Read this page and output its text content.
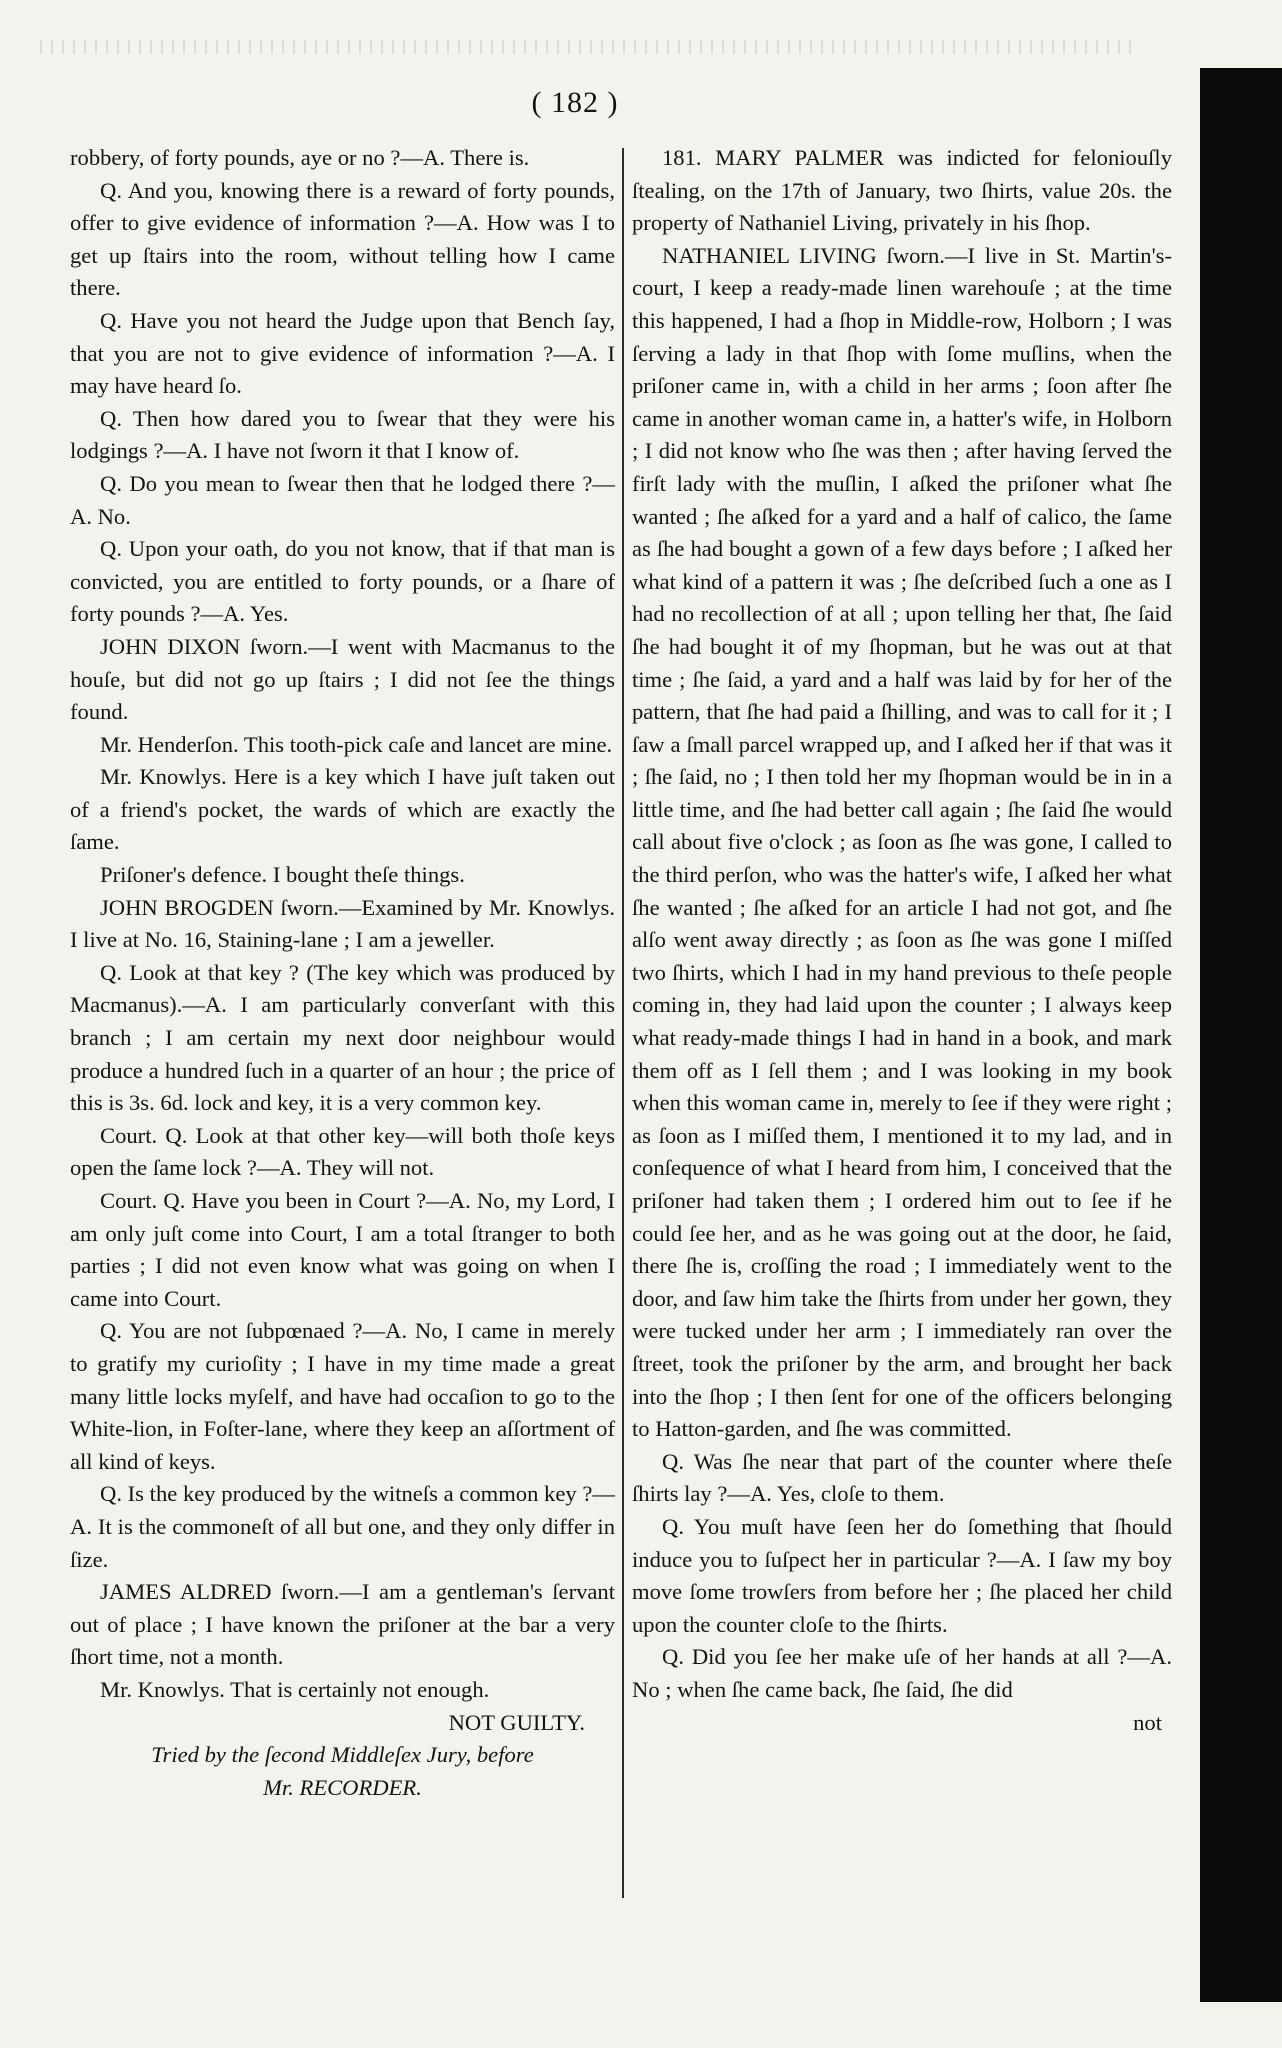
( 182 )

robbery, of forty pounds, aye or no ?—A. There is.

Q. And you, knowing there is a reward of forty pounds, offer to give evidence of information ?—A. How was I to get up ſtairs into the room, without telling how I came there.

Q. Have you not heard the Judge upon that Bench ſay, that you are not to give evidence of information ?—A. I may have heard ſo.

Q. Then how dared you to ſwear that they were his lodgings ?—A. I have not ſworn it that I know of.

Q. Do you mean to ſwear then that he lodged there ?—A. No.

Q. Upon your oath, do you not know, that if that man is convicted, you are entitled to forty pounds, or a ſhare of forty pounds ?—A. Yes.

JOHN DIXON ſworn.—I went with Macmanus to the houſe, but did not go up ſtairs ; I did not ſee the things found.

Mr. Henderſon. This tooth-pick caſe and lancet are mine.

Mr. Knowlys. Here is a key which I have juſt taken out of a friend's pocket, the wards of which are exactly the ſame.

Priſoner's defence. I bought theſe things.

JOHN BROGDEN ſworn.—Examined by Mr. Knowlys. I live at No. 16, Staining-lane ; I am a jeweller.

Q. Look at that key ? (The key which was produced by Macmanus).—A. I am particularly converſant with this branch ; I am certain my next door neighbour would produce a hundred ſuch in a quarter of an hour ; the price of this is 3s. 6d. lock and key, it is a very common key.

Court. Q. Look at that other key—will both thoſe keys open the ſame lock ?—A. They will not.

Court. Q. Have you been in Court ?—A. No, my Lord, I am only juſt come into Court, I am a total ſtranger to both parties ; I did not even know what was going on when I came into Court.

Q. You are not ſubpœnaed ?—A. No, I came in merely to gratify my curioſity ; I have in my time made a great many little locks myſelf, and have had occaſion to go to the White-lion, in Foſter-lane, where they keep an aſſortment of all kind of keys.

Q. Is the key produced by the witneſs a common key ?—A. It is the commoneſt of all but one, and they only differ in ſize.

JAMES ALDRED ſworn.—I am a gentleman's ſervant out of place ; I have known the priſoner at the bar a very ſhort time, not a month.

Mr. Knowlys. That is certainly not enough.

NOT GUILTY.

Tried by the ſecond Middleſex Jury, before

Mr. RECORDER.

181. MARY PALMER was indicted for feloniouſly ſtealing, on the 17th of January, two ſhirts, value 20s. the property of Nathaniel Living, privately in his ſhop.

NATHANIEL LIVING ſworn.—I live in St. Martin's-court, I keep a ready-made linen warehouſe ; at the time this happened, I had a ſhop in Middle-row, Holborn ; I was ſerving a lady in that ſhop with ſome muſlins, when the priſoner came in, with a child in her arms ; ſoon after ſhe came in another woman came in, a hatter's wife, in Holborn ; I did not know who ſhe was then ; after having ſerved the firſt lady with the muſlin, I aſked the priſoner what ſhe wanted ; ſhe aſked for a yard and a half of calico, the ſame as ſhe had bought a gown of a few days before ; I aſked her what kind of a pattern it was ; ſhe deſcribed ſuch a one as I had no recollection of at all ; upon telling her that, ſhe ſaid ſhe had bought it of my ſhopman, but he was out at that time ; ſhe ſaid, a yard and a half was laid by for her of the pattern, that ſhe had paid a ſhilling, and was to call for it ; I ſaw a ſmall parcel wrapped up, and I aſked her if that was it ; ſhe ſaid, no ; I then told her my ſhopman would be in in a little time, and ſhe had better call again ; ſhe ſaid ſhe would call about five o'clock ; as ſoon as ſhe was gone, I called to the third perſon, who was the hatter's wife, I aſked her what ſhe wanted ; ſhe aſked for an article I had not got, and ſhe alſo went away directly ; as ſoon as ſhe was gone I miſſed two ſhirts, which I had in my hand previous to theſe people coming in, they had laid upon the counter ; I always keep what ready-made things I had in hand in a book, and mark them off as I ſell them ; and I was looking in my book when this woman came in, merely to ſee if they were right ; as ſoon as I miſſed them, I mentioned it to my lad, and in conſequence of what I heard from him, I conceived that the priſoner had taken them ; I ordered him out to ſee if he could ſee her, and as he was going out at the door, he ſaid, there ſhe is, croſſing the road ; I immediately went to the door, and ſaw him take the ſhirts from under her gown, they were tucked under her arm ; I immediately ran over the ſtreet, took the priſoner by the arm, and brought her back into the ſhop ; I then ſent for one of the officers belonging to Hatton-garden, and ſhe was committed.

Q. Was ſhe near that part of the counter where theſe ſhirts lay ?—A. Yes, cloſe to them.

Q. You muſt have ſeen her do ſomething that ſhould induce you to ſuſpect her in particular ?—A. I ſaw my boy move ſome trowſers from before her ; ſhe placed her child upon the counter cloſe to the ſhirts.

Q. Did you ſee her make uſe of her hands at all ?—A. No ; when ſhe came back, ſhe ſaid, ſhe did

not
